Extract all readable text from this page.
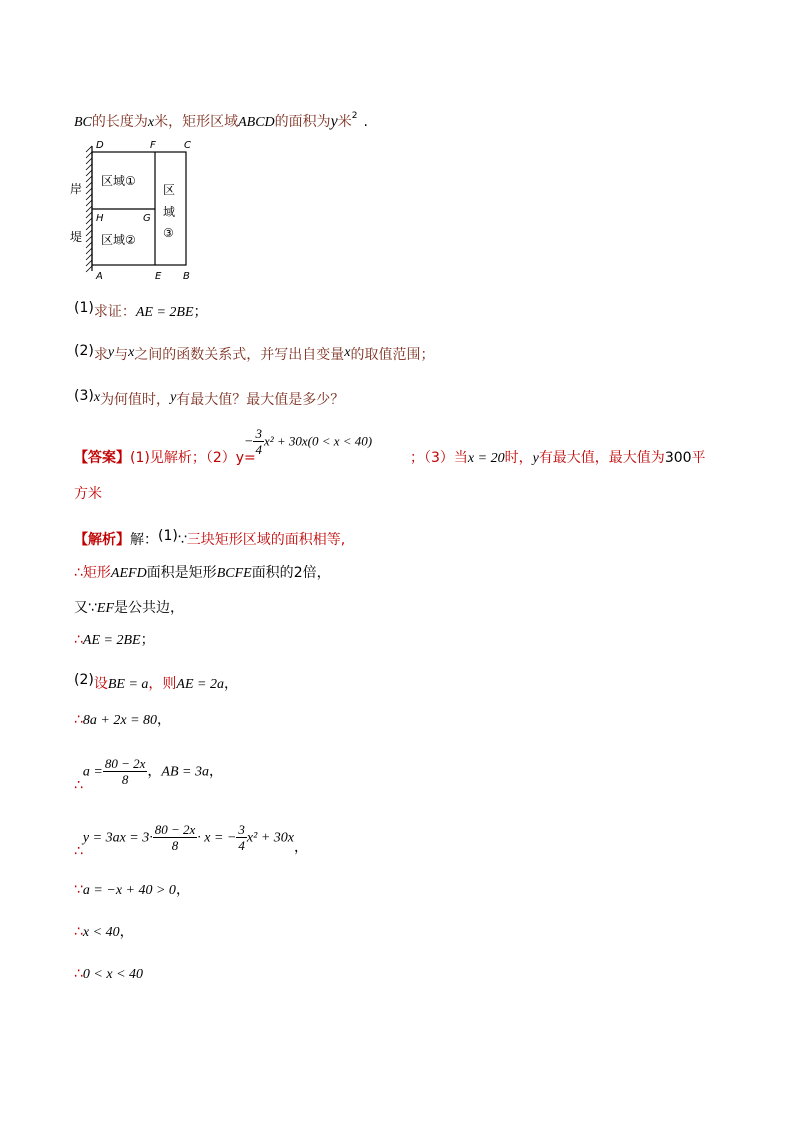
BC的长度为x米，矩形区域ABCD的面积为y米$^2$ .
D	F	C
H	G
A	E B
区域①
区域②
区
域
③
岸
堤
(1)求证：AE = 2BE；
(2)求y与x之间的函数关系式，并写出自变量x的取值范围；
(3)x为何值时，y有最大值？最大值是多少？
【答案】(1)见解析；（2）y=
− $\frac{3}{4} x^2 + 30x(0 < x < 40)$
；（3）当x = 20时，y有最大值，最大值为300平
方米
【解析】解：(1)∵三块矩形区域的面积相等,
∴矩形AEFD面积是矩形BCFE面积的2倍，
又∵EF是公共边，
∴AE = 2BE；
(2)设BE = a，则AE = 2a，
∴8a + 2x = 80，
∴a = $\frac{80 - 2x}{8}$ ，AB = 3a，
∴y = $3ax = 3\cdot \frac{80 - 2x}{8} \cdot x$ = − $\frac{3}{4} x^2 + 30x$，
∵a = −x + 40 > 0，
∴x < 40，
∴0 < x < 40
